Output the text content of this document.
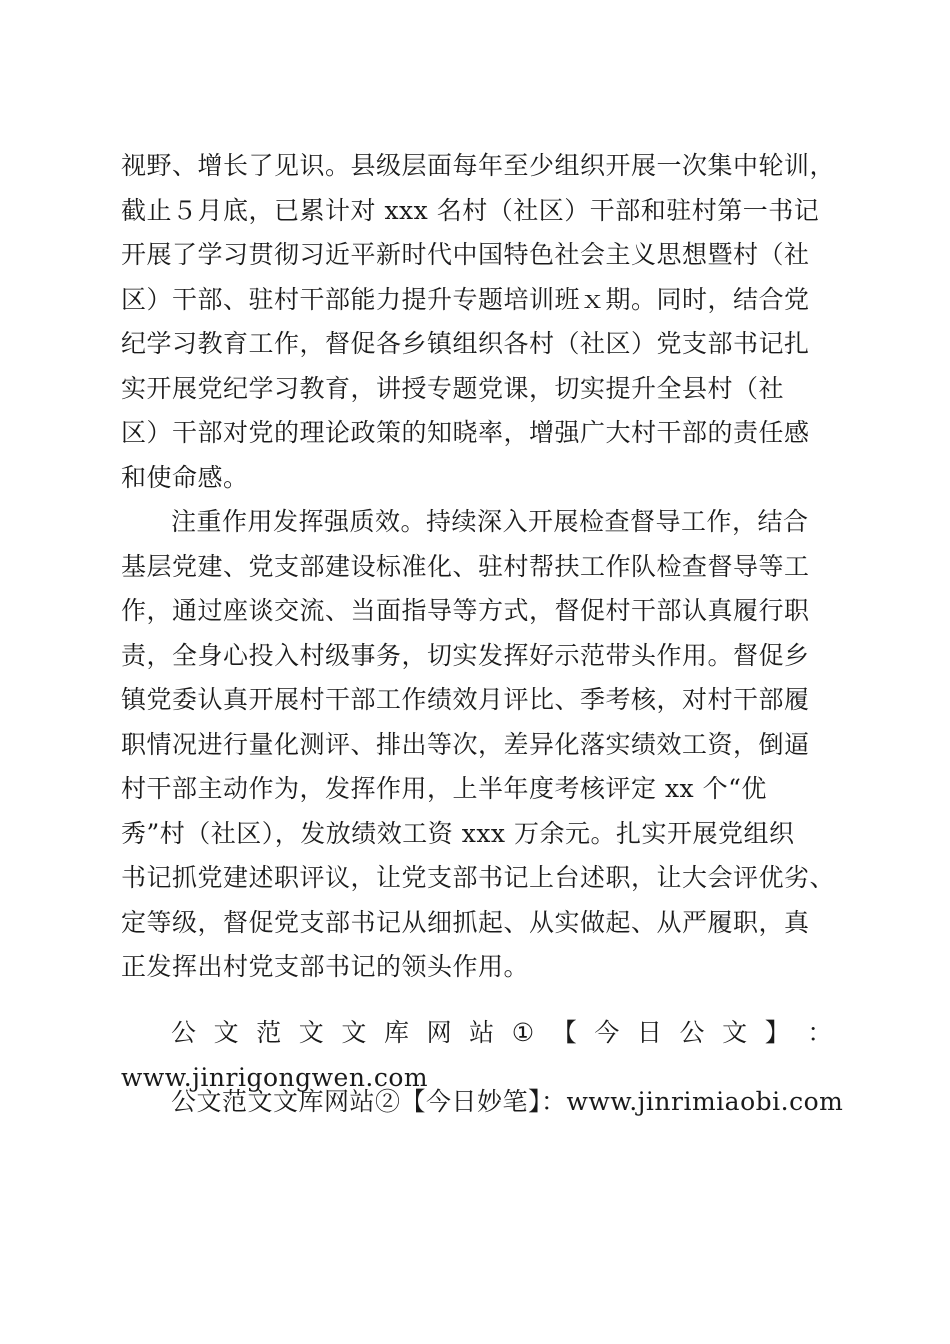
视野、增长了见识。县级层面每年至少组织开展一次集中轮训，
截止５月底，已累计对 xxx 名村（社区）干部和驻村第一书记
开展了学习贯彻习近平新时代中国特色社会主义思想暨村（社
区）干部、驻村干部能力提升专题培训班ｘ期。同时，结合党
纪学习教育工作，督促各乡镇组织各村（社区）党支部书记扎
实开展党纪学习教育，讲授专题党课，切实提升全县村（社
区）干部对党的理论政策的知晓率，增强广大村干部的责任感
和使命感。
注重作用发挥强质效。持续深入开展检查督导工作，结合
基层党建、党支部建设标准化、驻村帮扶工作队检查督导等工
作，通过座谈交流、当面指导等方式，督促村干部认真履行职
责，全身心投入村级事务，切实发挥好示范带头作用。督促乡
镇党委认真开展村干部工作绩效月评比、季考核，对村干部履
职情况进行量化测评、排出等次，差异化落实绩效工资，倒逼
村干部主动作为，发挥作用，上半年度考核评定 xx 个“优
秀”村（社区），发放绩效工资 xxx 万余元。扎实开展党组织
书记抓党建述职评议，让党支部书记上台述职，让大会评优劣、
定等级，督促党支部书记从细抓起、从实做起、从严履职，真
正发挥出村党支部书记的领头作用。
公 文 范 文 文 库 网 站 ① 【 今 日 公 文 】 ：
www.jinrigongwen.com
公文范文文库网站②【今日妙笔】：www.jinrimiaobi.com
